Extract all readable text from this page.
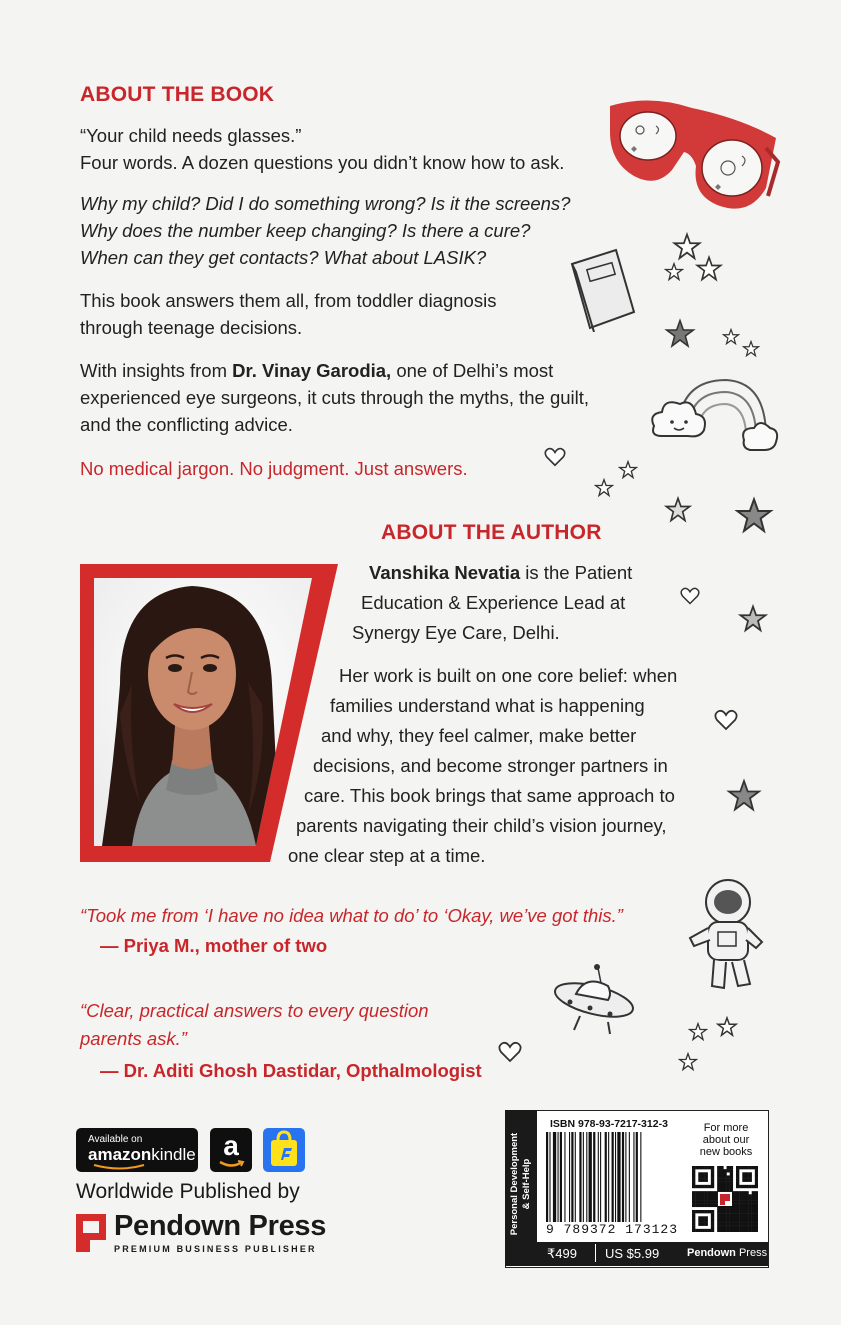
ABOUT THE BOOK

“Your child needs glasses.”

Four words. A dozen questions you didn’t know how to ask.

Why my child? Did I do something wrong? Is it the screens?

Why does the number keep changing? Is there a cure?

When can they get contacts? What about LASIK?

This book answers them all, from toddler diagnosis

through teenage decisions.

With insights from Dr. Vinay Garodia, one of Delhi’s most

experienced eye surgeons, it cuts through the myths, the guilt,

and the conflicting advice.

No medical jargon. No judgment. Just answers.
ABOUT THE AUTHOR
Vanshika Nevatia is the Patient
Education & Experience Lead at
Synergy Eye Care, Delhi.
Her work is built on one core belief: when
families understand what is happening
and why, they feel calmer, make better
decisions, and become stronger partners in
care. This book brings that same approach to
parents navigating their child’s vision journey,
one clear step at a time.
“Took me from ‘I have no idea what to do’ to ‘Okay, we’ve got this.”
— Priya M., mother of two

“Clear, practical answers to every question

parents ask.”

— Dr. Aditi Ghosh Dastidar, Opthalmologist
Available on
amazonkindle a
Worldwide Published by
Pendown Press
PREMIUM BUSINESS PUBLISHER
Personal Development & Self-Help
ISBN 978-93-7217-312-3
9 789372 173123
For more
about our
new books
₹499 US $5.99	Pendown Press
